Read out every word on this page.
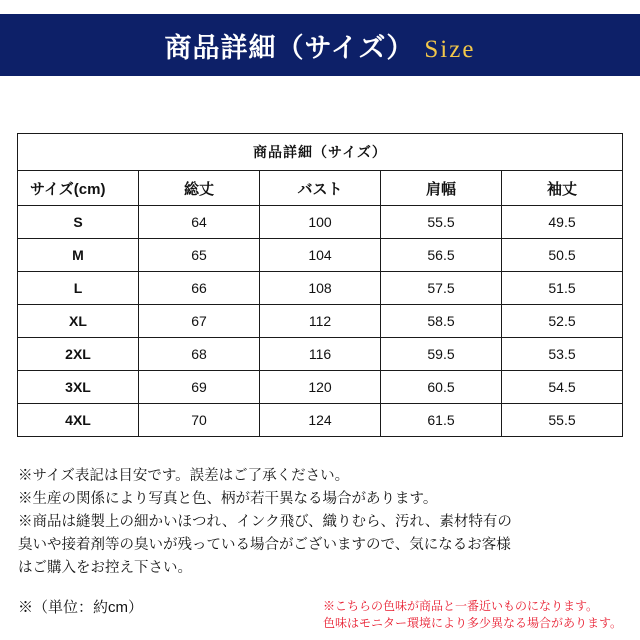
商品詳細（サイズ） Size
商品詳細（サイズ）				
サイズ(cm)	総丈	バスト	肩幅	袖丈
S	64	100	55.5	49.5
M	65	104	56.5	50.5
L	66	108	57.5	51.5
XL	67	112	58.5	52.5
2XL	68	116	59.5	53.5
3XL	69	120	60.5	54.5
4XL	70	124	61.5	55.5

※サイズ表記は目安です。誤差はご了承ください。

※生産の関係により写真と色、柄が若干異なる場合があります。

※商品は縫製上の細かいほつれ、インク飛び、織りむら、汚れ、素材特有の

臭いや接着剤等の臭いが残っている場合がございますので、気になるお客様

はご購入をお控え下さい。

※（単位：約cm）	※こちらの色味が商品と一番近いものになります。
色味はモニター環境により多少異なる場合があります。
